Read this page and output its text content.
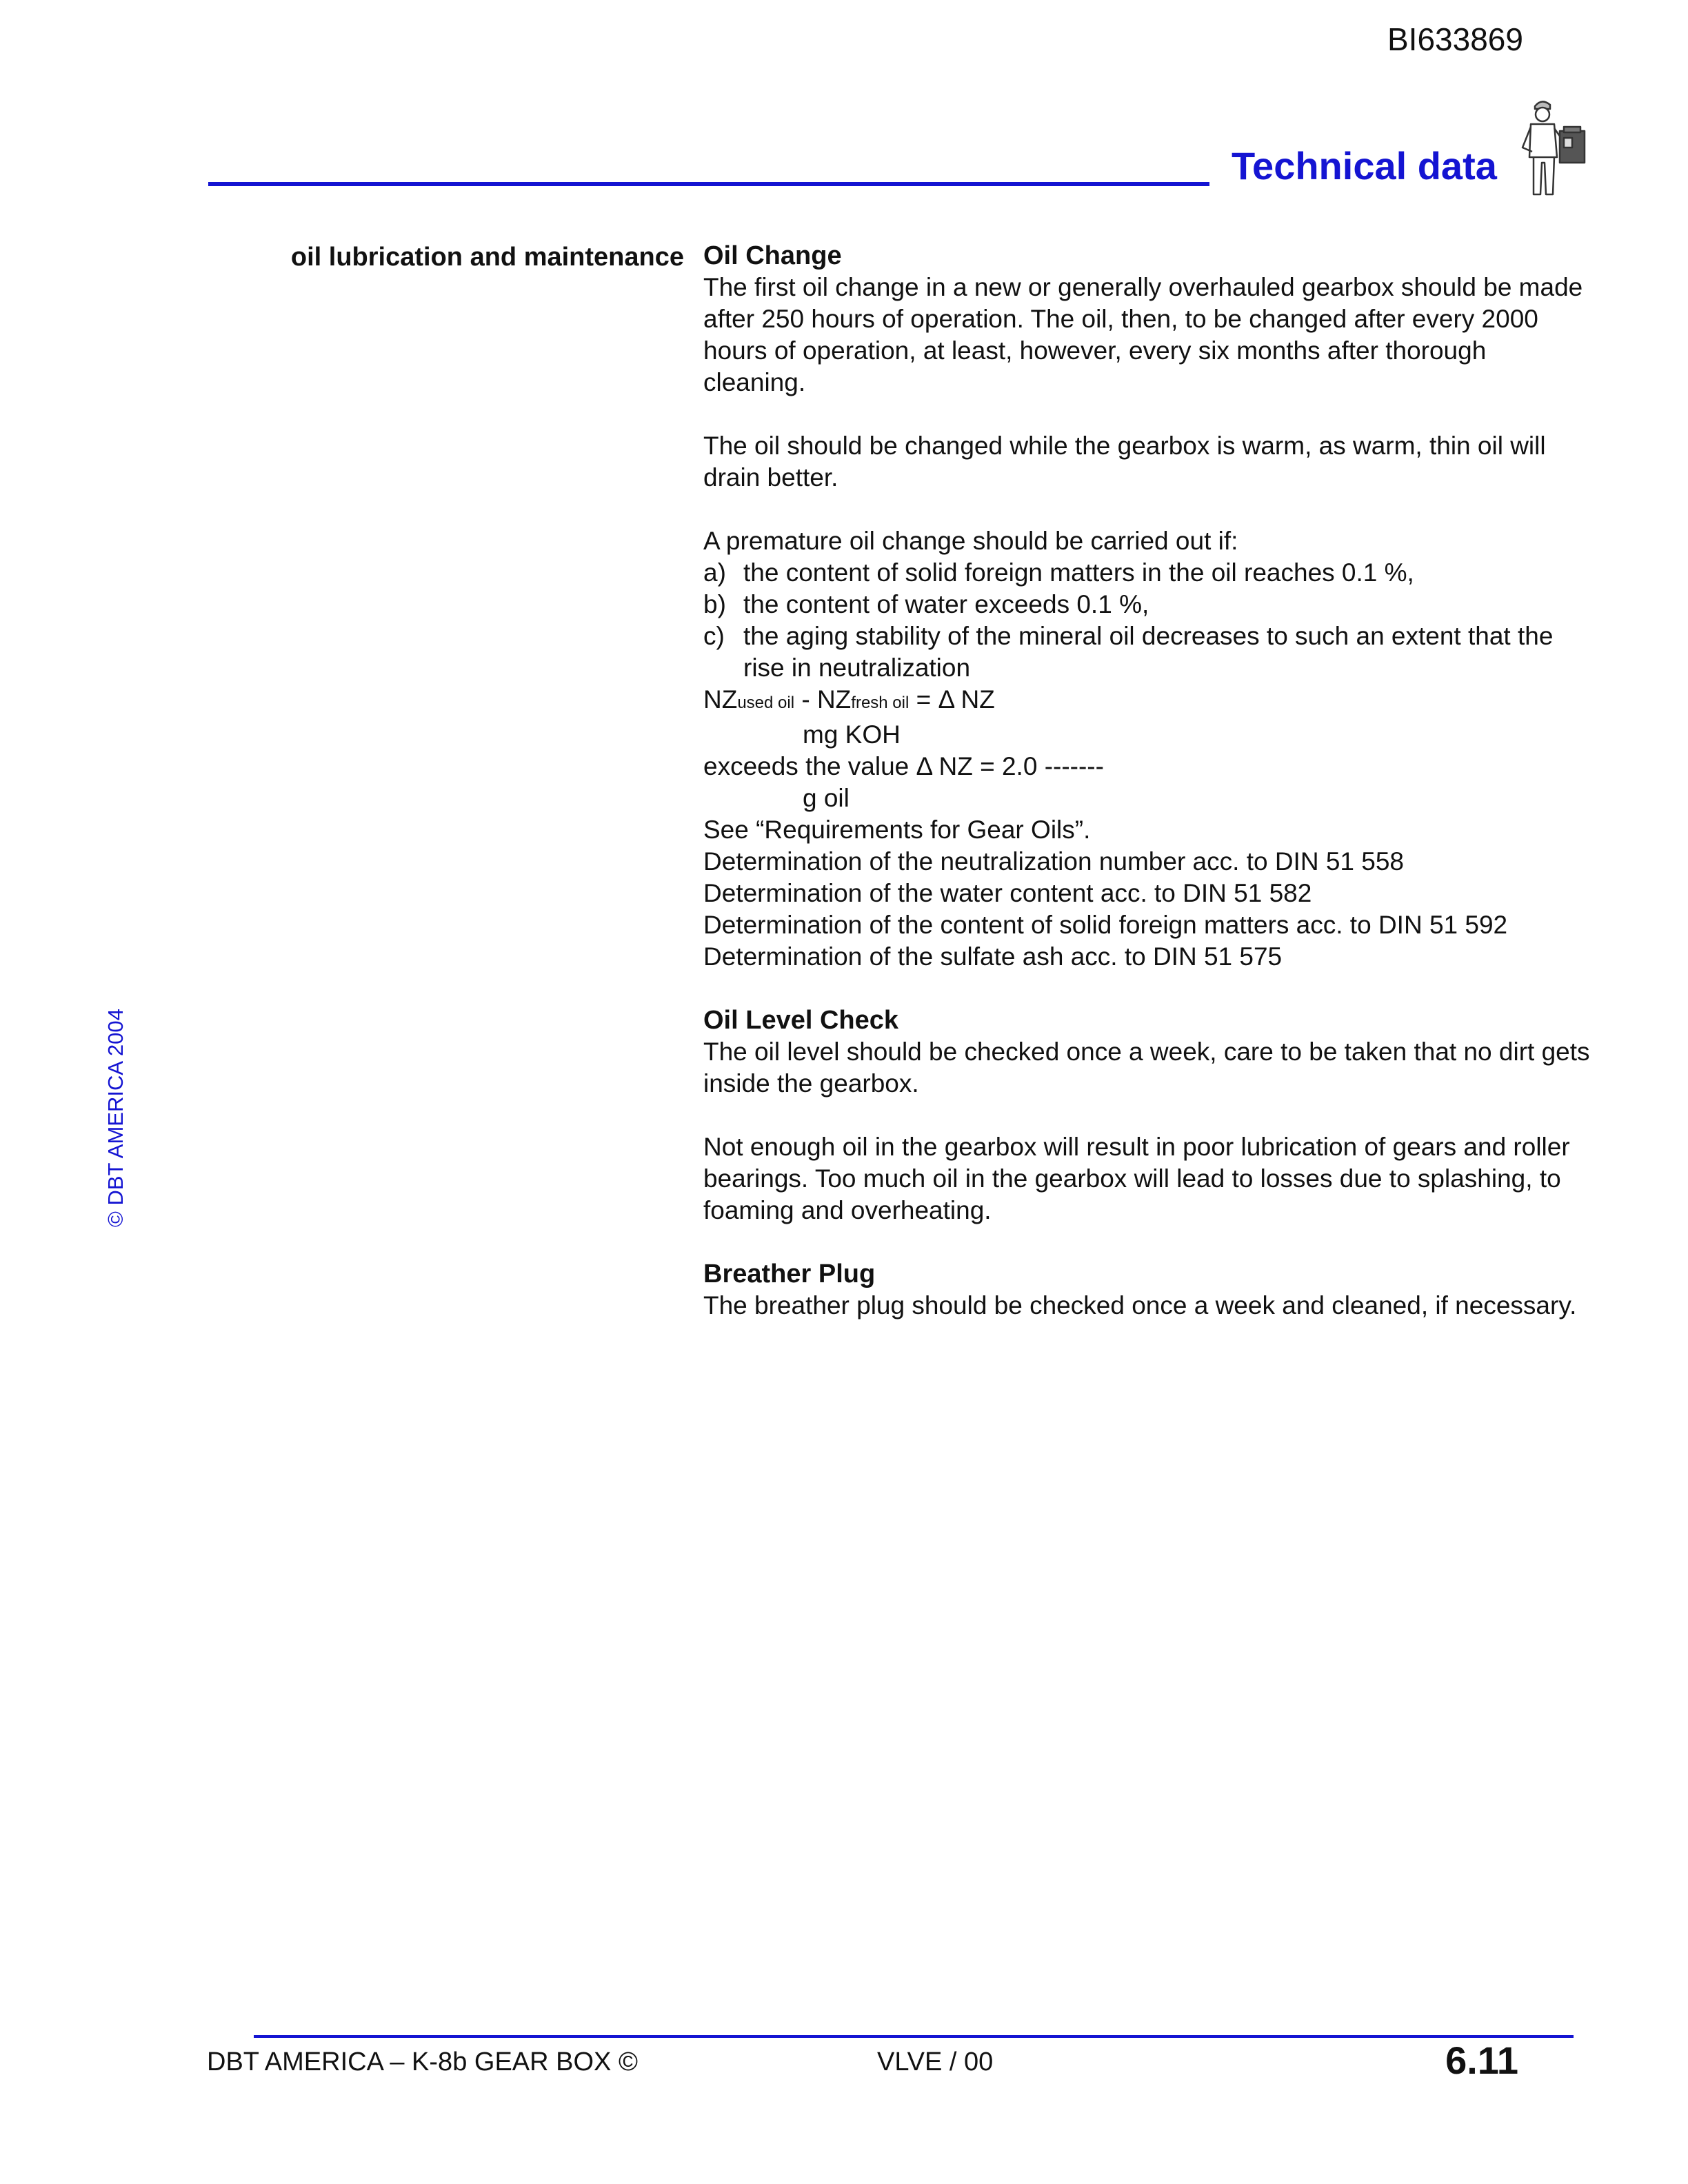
BI633869
Technical data
© DBT AMERICA 2004
oil lubrication and maintenance Oil Change

The first oil change in a new or generally overhauled gearbox should be made after 250 hours of operation. The oil, then, to be changed after every 2000 hours of operation, at least, however, every six months after thorough cleaning.

The oil should be changed while the gearbox is warm, as warm, thin oil will drain better.

A premature oil change should be carried out if:

a) the content of solid foreign matters in the oil reaches 0.1 %,
b) the content of water exceeds 0.1 %,
c) the aging stability of the mineral oil decreases to such an extent that the rise in neutralization

NZused oil - NZfresh oil = Δ NZ

mg KOH

exceeds the value Δ NZ = 2.0 -------

g oil

See “Requirements for Gear Oils”.

Determination of the neutralization number acc. to DIN 51 558

Determination of the water content acc. to DIN 51 582

Determination of the content of solid foreign matters acc. to DIN 51 592

Determination of the sulfate ash acc. to DIN 51 575

Oil Level Check

The oil level should be checked once a week, care to be taken that no dirt gets inside the gearbox.

Not enough oil in the gearbox will result in poor lubrication of gears and roller bearings. Too much oil in the gearbox will lead to losses due to splashing, to foaming and overheating.

Breather Plug

The breather plug should be checked once a week and cleaned, if necessary.

DBT AMERICA – K-8b GEAR BOX ©	VLVE / 00	6.11
